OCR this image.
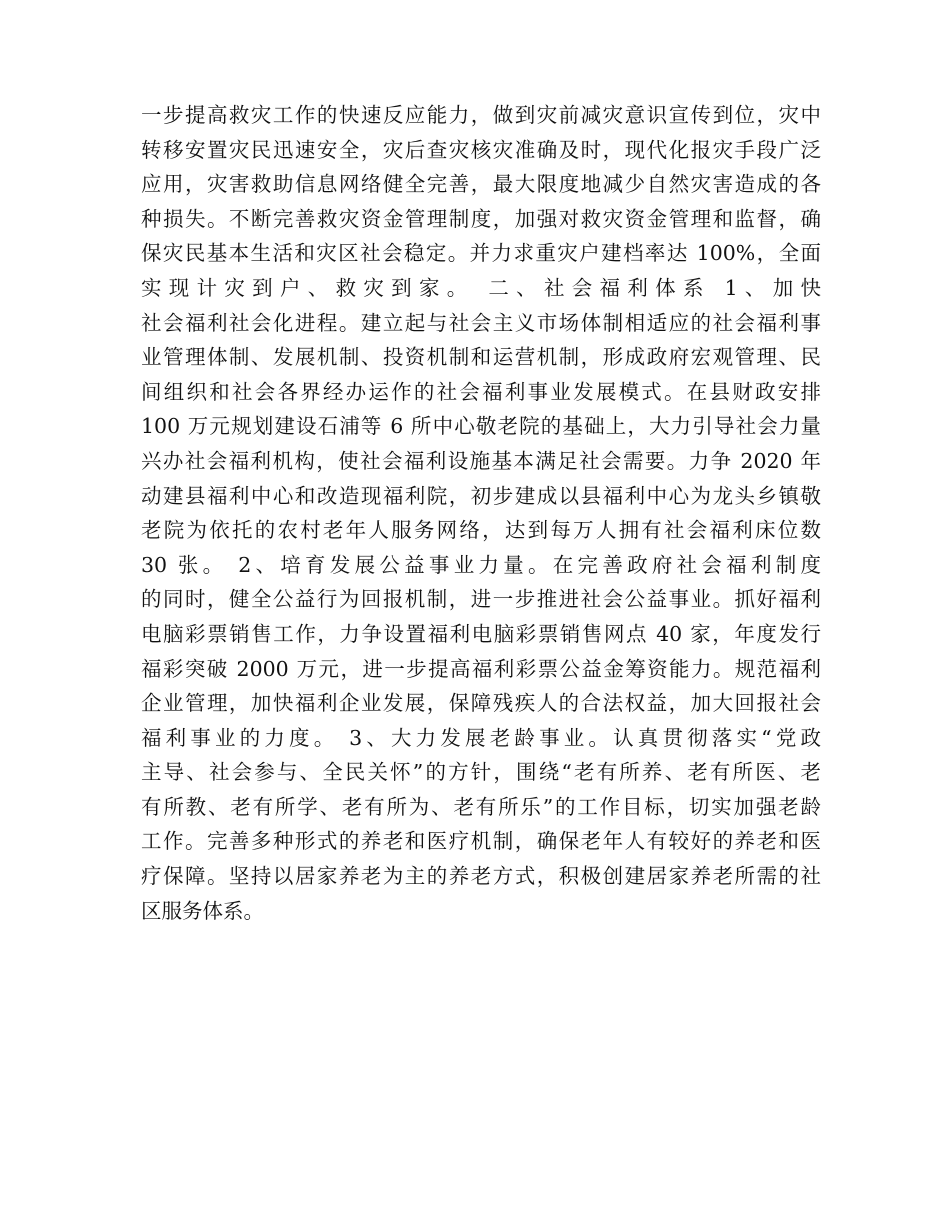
一步提高救灾工作的快速反应能力，做到灾前减灾意识宣传到位，灾中
转移安置灾民迅速安全，灾后查灾核灾准确及时，现代化报灾手段广泛
应用，灾害救助信息网络健全完善，最大限度地减少自然灾害造成的各
种损失。不断完善救灾资金管理制度，加强对救灾资金管理和监督，确
保灾民基本生活和灾区社会稳定。并力求重灾户建档率达 100%，全面
实现计灾到户、救灾到家。 二、社会福利体系 1、加快
社会福利社会化进程。建立起与社会主义市场体制相适应的社会福利事
业管理体制、发展机制、投资机制和运营机制，形成政府宏观管理、民
间组织和社会各界经办运作的社会福利事业发展模式。在县财政安排
100 万元规划建设石浦等 6 所中心敬老院的基础上，大力引导社会力量
兴办社会福利机构，使社会福利设施基本满足社会需要。力争 2020 年
动建县福利中心和改造现福利院，初步建成以县福利中心为龙头乡镇敬
老院为依托的农村老年人服务网络，达到每万人拥有社会福利床位数
30 张。 2、培育发展公益事业力量。在完善政府社会福利制度
的同时，健全公益行为回报机制，进一步推进社会公益事业。抓好福利
电脑彩票销售工作，力争设置福利电脑彩票销售网点 40 家，年度发行
福彩突破 2000 万元，进一步提高福利彩票公益金筹资能力。规范福利
企业管理，加快福利企业发展，保障残疾人的合法权益，加大回报社会
福利事业的力度。 3、大力发展老龄事业。认真贯彻落实“党政
主导、社会参与、全民关怀”的方针，围绕“老有所养、老有所医、老
有所教、老有所学、老有所为、老有所乐”的工作目标，切实加强老龄
工作。完善多种形式的养老和医疗机制，确保老年人有较好的养老和医
疗保障。坚持以居家养老为主的养老方式，积极创建居家养老所需的社
区服务体系。
